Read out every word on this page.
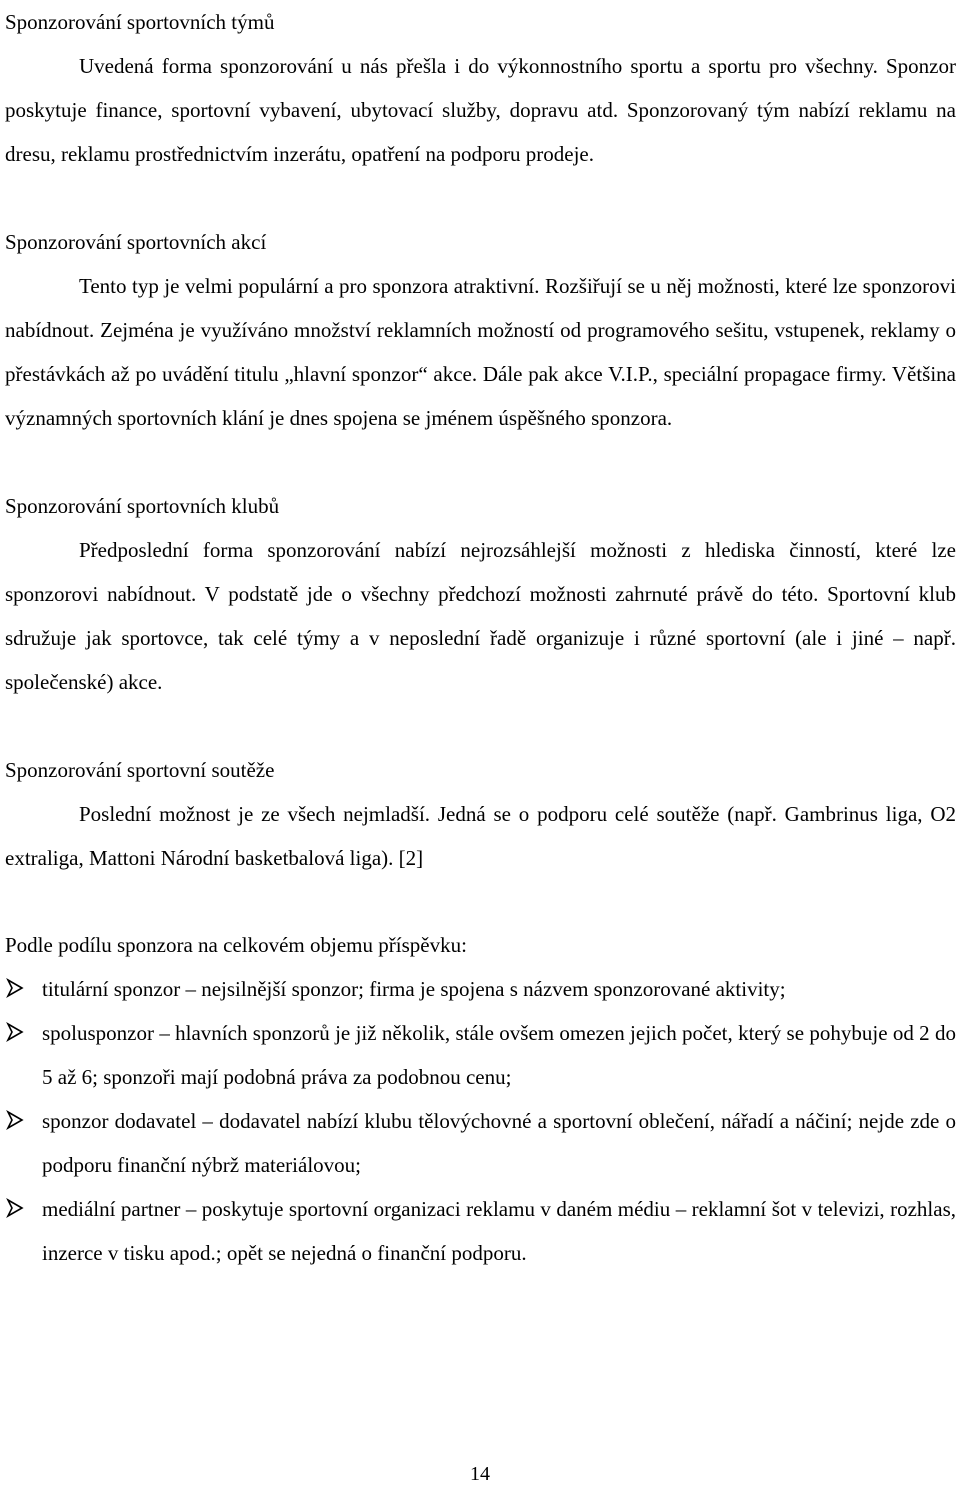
Sponzorování sportovních týmů

Uvedená forma sponzorování u nás přešla i do výkonnostního sportu a sportu pro všechny. Sponzor poskytuje finance, sportovní vybavení, ubytovací služby, dopravu atd. Sponzorovaný tým nabízí reklamu na dresu, reklamu prostřednictvím inzerátu, opatření na podporu prodeje.

Sponzorování sportovních akcí

Tento typ je velmi populární a pro sponzora atraktivní. Rozšiřují se u něj možnosti, které lze sponzorovi nabídnout. Zejména je využíváno množství reklamních možností od programového sešitu, vstupenek, reklamy o přestávkách až po uvádění titulu „hlavní sponzor“ akce. Dále pak akce V.I.P., speciální propagace firmy. Většina významných sportovních klání je dnes spojena se jménem úspěšného sponzora.

Sponzorování sportovních klubů

Předposlední forma sponzorování nabízí nejrozsáhlejší možnosti z hlediska činností, které lze sponzorovi nabídnout. V podstatě jde o všechny předchozí možnosti zahrnuté právě do této. Sportovní klub sdružuje jak sportovce, tak celé týmy a v neposlední řadě organizuje i různé sportovní (ale i jiné – např. společenské) akce.

Sponzorování sportovní soutěže

Poslední možnost je ze všech nejmladší. Jedná se o podporu celé soutěže (např. Gambrinus liga, O2 extraliga, Mattoni Národní basketbalová liga). [2]

Podle podílu sponzora na celkovém objemu příspěvku:
titulární sponzor – nejsilnější sponzor; firma je spojena s názvem sponzorované aktivity;
spolusponzor – hlavních sponzorů je již několik, stále ovšem omezen jejich počet, který se pohybuje od 2 do 5 až 6; sponzoři mají podobná práva za podobnou cenu;
sponzor dodavatel – dodavatel nabízí klubu tělovýchovné a sportovní oblečení, nářadí a náčiní; nejde zde o podporu finanční nýbrž materiálovou;
mediální partner – poskytuje sportovní organizaci reklamu v daném médiu – reklamní šot v televizi, rozhlas, inzerce v tisku apod.; opět se nejedná o finanční podporu.
14
